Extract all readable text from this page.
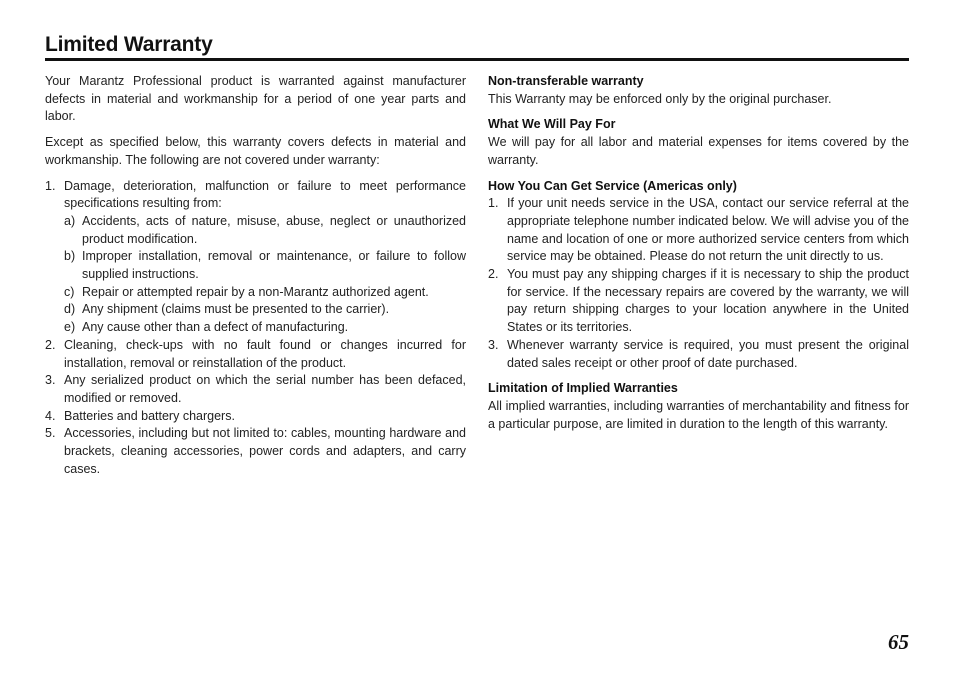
Limited Warranty

Your Marantz Professional product is warranted against manufacturer defects in material and workmanship for a period of one year parts and labor.

Except as specified below, this warranty covers defects in material and workmanship. The following are not covered under warranty:

1. Damage, deterioration, malfunction or failure to meet performance specifications resulting from:
a) Accidents, acts of nature, misuse, abuse, neglect or unauthorized product modification.
b) Improper installation, removal or maintenance, or failure to follow supplied instructions.
c) Repair or attempted repair by a non-Marantz authorized agent.
d) Any shipment (claims must be presented to the carrier).
e) Any cause other than a defect of manufacturing.
2. Cleaning, check-ups with no fault found or changes incurred for installation, removal or reinstallation of the product.
3. Any serialized product on which the serial number has been defaced, modified or removed.
4. Batteries and battery chargers.
5. Accessories, including but not limited to: cables, mounting hardware and brackets, cleaning accessories, power cords and adapters, and carry cases.
Non-transferable warranty

This Warranty may be enforced only by the original purchaser.

What We Will Pay For

We will pay for all labor and material expenses for items covered by the warranty.

How You Can Get Service (Americas only)
1. If your unit needs service in the USA, contact our service referral at the appropriate telephone number indicated below. We will advise you of the name and location of one or more authorized service centers from which service may be obtained. Please do not return the unit directly to us.
2. You must pay any shipping charges if it is necessary to ship the product for service. If the necessary repairs are covered by the warranty, we will pay return shipping charges to your location anywhere in the United States or its territories.
3. Whenever warranty service is required, you must present the original dated sales receipt or other proof of date purchased.
Limitation of Implied Warranties

All implied warranties, including warranties of merchantability and fitness for a particular purpose, are limited in duration to the length of this warranty.

65
